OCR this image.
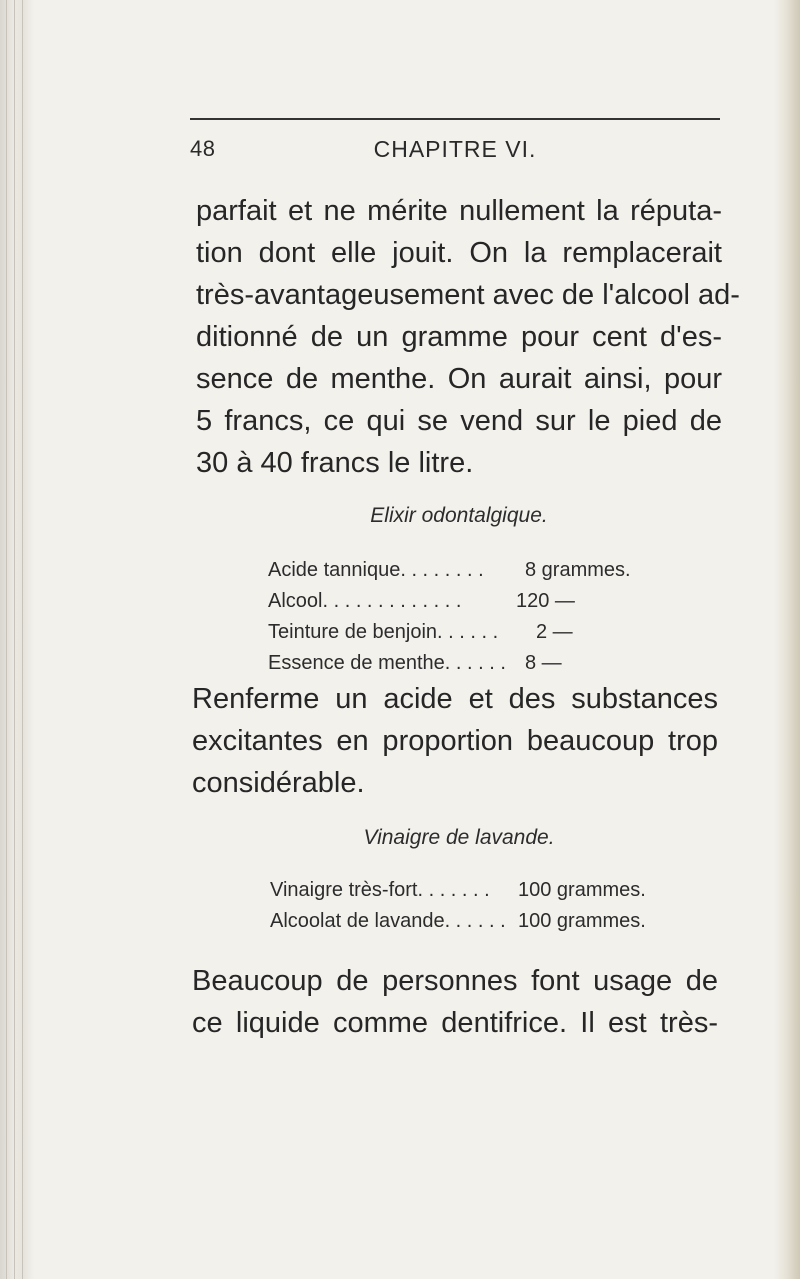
48	CHAPITRE VI.
parfait et ne mérite nullement la réputa-
tion dont elle jouit. On la remplacerait
très-avantageusement avec de l'alcool ad-
ditionné de un gramme pour cent d'es-
sence de menthe. On aurait ainsi, pour
5 francs, ce qui se vend sur le pied de
30 à 40 francs le litre.
Elixir odontalgique.
Acide tannique. . . . . . . . 8 grammes.
Alcool. . . . . . . . . . . . .	120 —
Teinture de benjoin. . . . . . 2 —
Essence de menthe. . . . . . 8 —
Renferme un acide et des substances
excitantes en proportion beaucoup trop
considérable.
Vinaigre de lavande.
Vinaigre très-fort. . . . . . . 100 grammes.
Alcoolat de lavande. . . . . . 100 grammes.
Beaucoup de personnes font usage de
ce liquide comme dentifrice. Il est très-
